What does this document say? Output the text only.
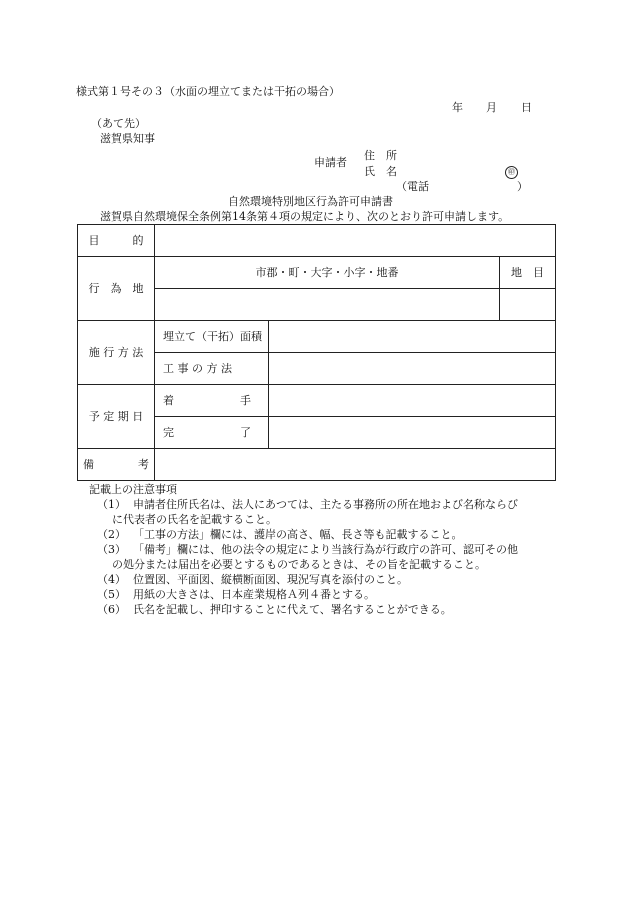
様式第１号その３（水面の埋立てまたは干拓の場合）
年 月 日
（あて先）
滋賀県知事
申請者
住　所
氏　名	㊞
（電話　　　　　　　　）
自然環境特別地区行為許可申請書
滋賀県自然環境保全条例第14条第４項の規定により、次のとおり許可申請します。
目　　　的			
行　為　地	市郡・町・大字・小字・地番		地　目

施 行 方 法	埋立て（干拓）面積		
	工 事 の 方 法		
予 定 期 日	着　　　　　　手		
	完　　　　　　了		
備　　　　考			
記載上の注意事項
（1） 申請者住所氏名は、法人にあつては、主たる事務所の所在地および名称ならび
に代表者の氏名を記載すること。
（2） 「工事の方法」欄には、護岸の高さ、幅、長さ等も記載すること。
（3） 「備考」欄には、他の法令の規定により当該行為が行政庁の許可、認可その他
の処分または届出を必要とするものであるときは、その旨を記載すること。
（4） 位置図、平面図、縦横断面図、現況写真を添付のこと。
（5） 用紙の大きさは、日本産業規格Ａ列４番とする。
（6） 氏名を記載し、押印することに代えて、署名することができる。
